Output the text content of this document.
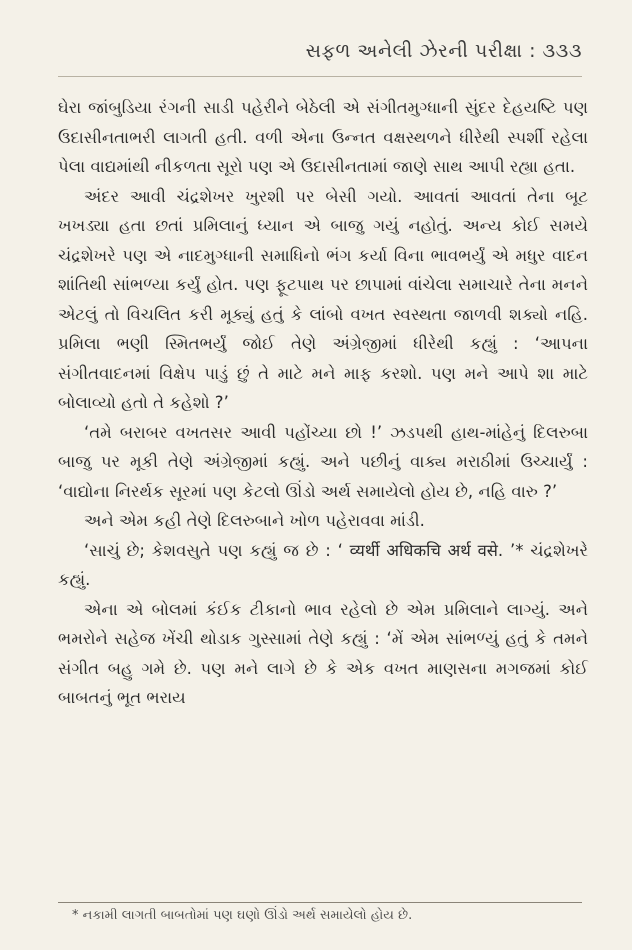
સફળ અનેલી ઝેરની પરીક્ષા : ૩૩૩

ઘેરા જાંબુડિયા રંગની સાડી પહેરીને બેઠેલી એ સંગીતમુગ્ધાની સુંદર દેહયષ્ટિ પણ ઉદાસીનતાભરી લાગતી હતી. વળી એના ઉન્નત વક્ષસ્થળને ધીરેથી સ્પર્શી રહેલા પેલા વાદ્યમાંથી નીકળતા સૂરો પણ એ ઉદાસીનતામાં જાણે સાથ આપી રહ્યા હતા.

અંદર આવી ચંદ્રશેખર ખુરશી પર બેસી ગયો. આવતાં આવતાં તેના બૂટ ખખડ્યા હતા છતાં પ્રમિલાનું ધ્યાન એ બાજુ ગયું નહોતું. અન્ય કોઈ સમયે ચંદ્રશેખરે પણ એ નાદમુગ્ધાની સમાધિનો ભંગ કર્યા વિના ભાવભર્યું એ મધુર વાદન શાંતિથી સાંભળ્યા કર્યું હોત. પણ ફૂટપાથ પર છાપામાં વાંચેલા સમાચારે તેના મનને એટલું તો વિચલિત કરી મૂક્યું હતું કે લાંબો વખત સ્વસ્થતા જાળવી શક્યો નહિ. પ્રમિલા ભણી સ્મિતભર્યું જોઈ તેણે અંગ્રેજીમાં ધીરેથી કહ્યું : ‘આપના સંગીતવાદનમાં વિક્ષેપ પાડું છું તે માટે મને માફ કરશો. પણ મને આપે શા માટે બોલાવ્યો હતો તે કહેશો ?’

‘તમે બરાબર વખતસર આવી પહોંચ્યા છો !’ ઝડપથી હાથ-માંહેનું દિલરુબા બાજુ પર મૂકી તેણે અંગ્રેજીમાં કહ્યું. અને પછીનું વાક્ય મરાઠીમાં ઉચ્ચાર્યું : ‘વાદ્યોના નિરર્થક સૂરમાં પણ કેટલો ઊંડો અર્થ સમાયેલો હોય છે, નહિ વારુ ?’

અને એમ કહી તેણે દિલરુબાને ખોળ પહેરાવવા માંડી.

‘સાચું છે; કેશવસુતે પણ કહ્યું જ છે : ‘ व्यर्थी अधिकचि अर्थ वसे. ’* ચંદ્રશેખરે કહ્યું.

એના એ બોલમાં કંઈક ટીકાનો ભાવ રહેલો છે એમ પ્રમિલાને લાગ્યું. અને ભમરોને સહેજ ખેંચી થોડાક ગુસ્સામાં તેણે કહ્યું : ‘મેં એમ સાંભળ્યું હતું કે તમને સંગીત બહુ ગમે છે. પણ મને લાગે છે કે એક વખત માણસના મગજમાં કોઈ બાબતનું ભૂત ભરાય

* નકામી લાગતી બાબતોમાં પણ ઘણો ઊંડો અર્થ સમાયેલો હોય છે.
